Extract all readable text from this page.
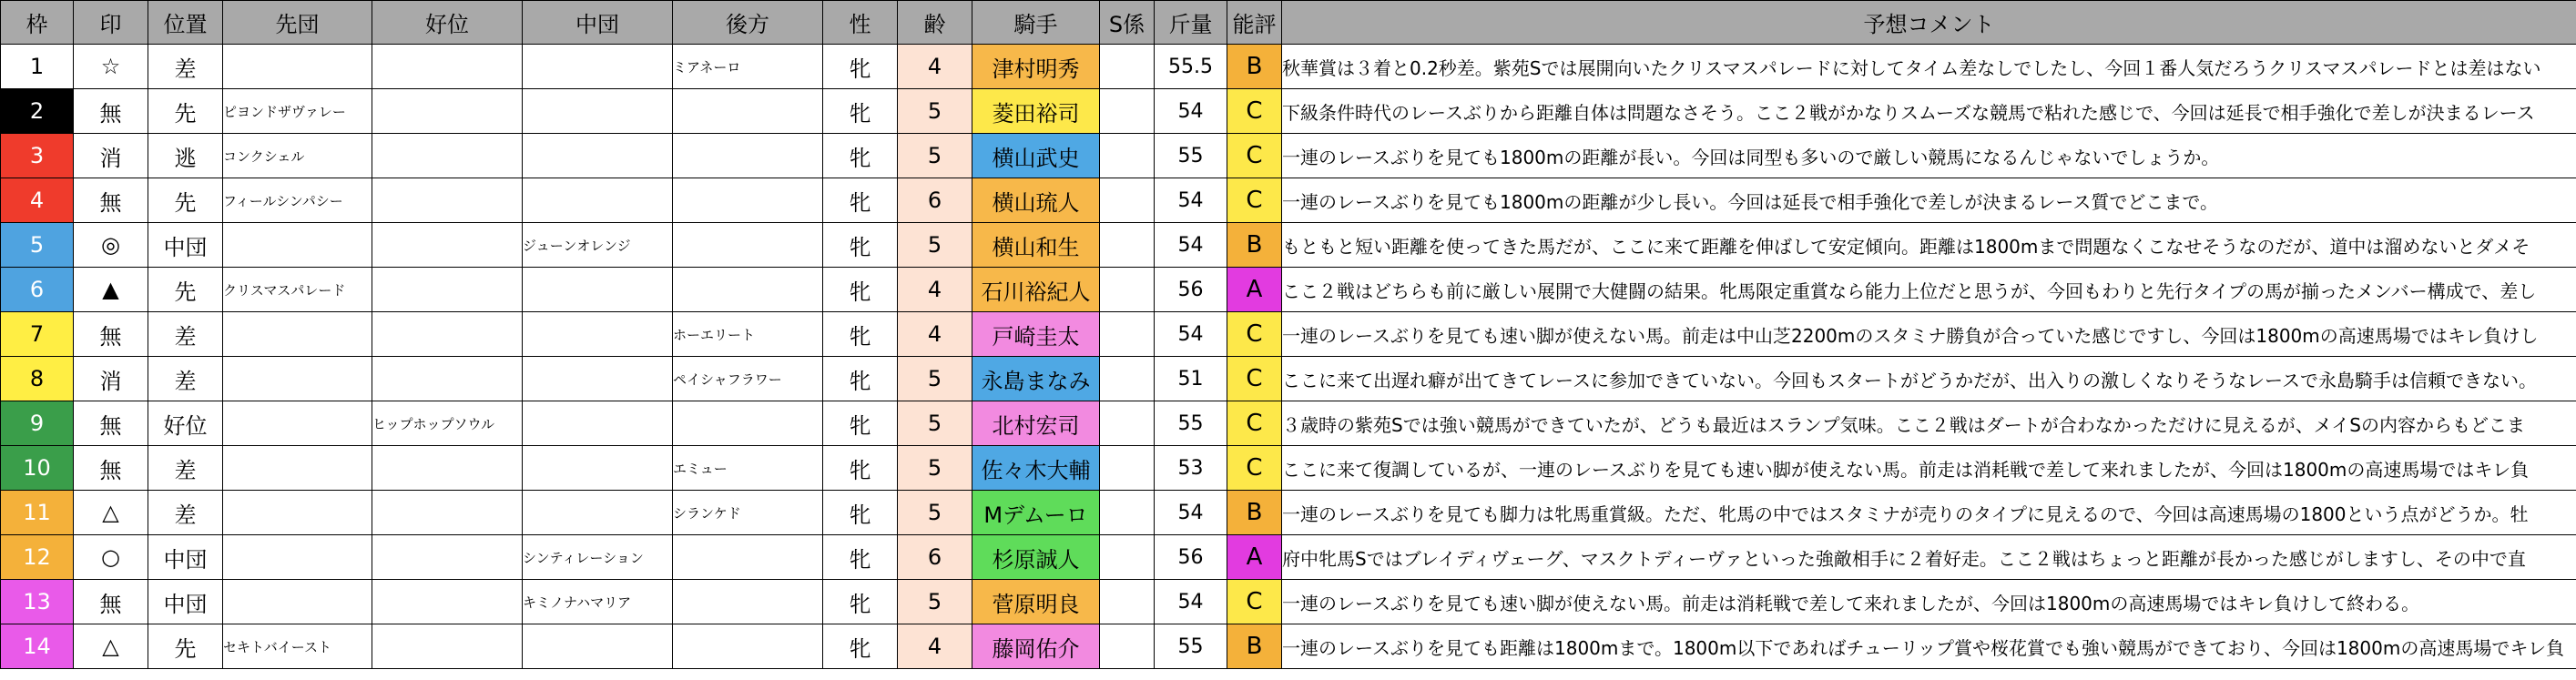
枠	印	位置	先団	好位	中団	後方	性	齢	騎手	S係	斤量	能評	予想コメント
1	☆	差				ミアネーロ	牝	4	津村明秀		55.5	B	秋華賞は３着と0.2秒差。紫苑Sでは展開向いたクリスマスパレードに対してタイム差なしでしたし、今回１番人気だろうクリスマスパレードとは差はない
2	無	先	ピヨンドザヴァレー				牝	5	菱田裕司		54	C	下級条件時代のレースぶりから距離自体は問題なさそう。ここ２戦がかなりスムーズな競馬で粘れた感じで、今回は延長で相手強化で差しが決まるレース
3	消	逃	コンクシェル				牝	5	横山武史		55	C	一連のレースぶりを見ても1800mの距離が長い。今回は同型も多いので厳しい競馬になるんじゃないでしょうか。
4	無	先	フィールシンパシー				牝	6	横山琉人		54	C	一連のレースぶりを見ても1800mの距離が少し長い。今回は延長で相手強化で差しが決まるレース質でどこまで。
5	◎	中団			ジューンオレンジ		牝	5	横山和生		54	B	もともと短い距離を使ってきた馬だが、ここに来て距離を伸ばして安定傾向。距離は1800mまで問題なくこなせそうなのだが、道中は溜めないとダメそ
6	▲	先	クリスマスパレード				牝	4	石川裕紀人		56	A	ここ２戦はどちらも前に厳しい展開で大健闘の結果。牝馬限定重賞なら能力上位だと思うが、今回もわりと先行タイプの馬が揃ったメンバー構成で、差し
7	無	差				ホーエリート	牝	4	戸崎圭太		54	C	一連のレースぶりを見ても速い脚が使えない馬。前走は中山芝2200mのスタミナ勝負が合っていた感じですし、今回は1800mの高速馬場ではキレ負けし
8	消	差				ペイシャフラワー	牝	5	永島まなみ		51	C	ここに来て出遅れ癖が出てきてレースに参加できていない。今回もスタートがどうかだが、出入りの激しくなりそうなレースで永島騎手は信頼できない。
9	無	好位		ヒップホップソウル			牝	5	北村宏司		55	C	３歳時の紫苑Sでは強い競馬ができていたが、どうも最近はスランプ気味。ここ２戦はダートが合わなかっただけに見えるが、メイSの内容からもどこま
10	無	差				エミュー	牝	5	佐々木大輔		53	C	ここに来て復調しているが、一連のレースぶりを見ても速い脚が使えない馬。前走は消耗戦で差して来れましたが、今回は1800mの高速馬場ではキレ負
11	△	差				シランケド	牝	5	Mデムーロ		54	B	一連のレースぶりを見ても脚力は牝馬重賞級。ただ、牝馬の中ではスタミナが売りのタイプに見えるので、今回は高速馬場の1800という点がどうか。牡
12	○	中団			シンティレーション		牝	6	杉原誠人		56	A	府中牝馬Sではブレイディヴェーグ、マスクトディーヴァといった強敵相手に２着好走。ここ２戦はちょっと距離が長かった感じがしますし、その中で直
13	無	中団			キミノナハマリア		牝	5	菅原明良		54	C	一連のレースぶりを見ても速い脚が使えない馬。前走は消耗戦で差して来れましたが、今回は1800mの高速馬場ではキレ負けして終わる。
14	△	先	セキトバイースト				牝	4	藤岡佑介		55	B	一連のレースぶりを見ても距離は1800mまで。1800m以下であればチューリップ賞や桜花賞でも強い競馬ができており、今回は1800mの高速馬場でキレ負
